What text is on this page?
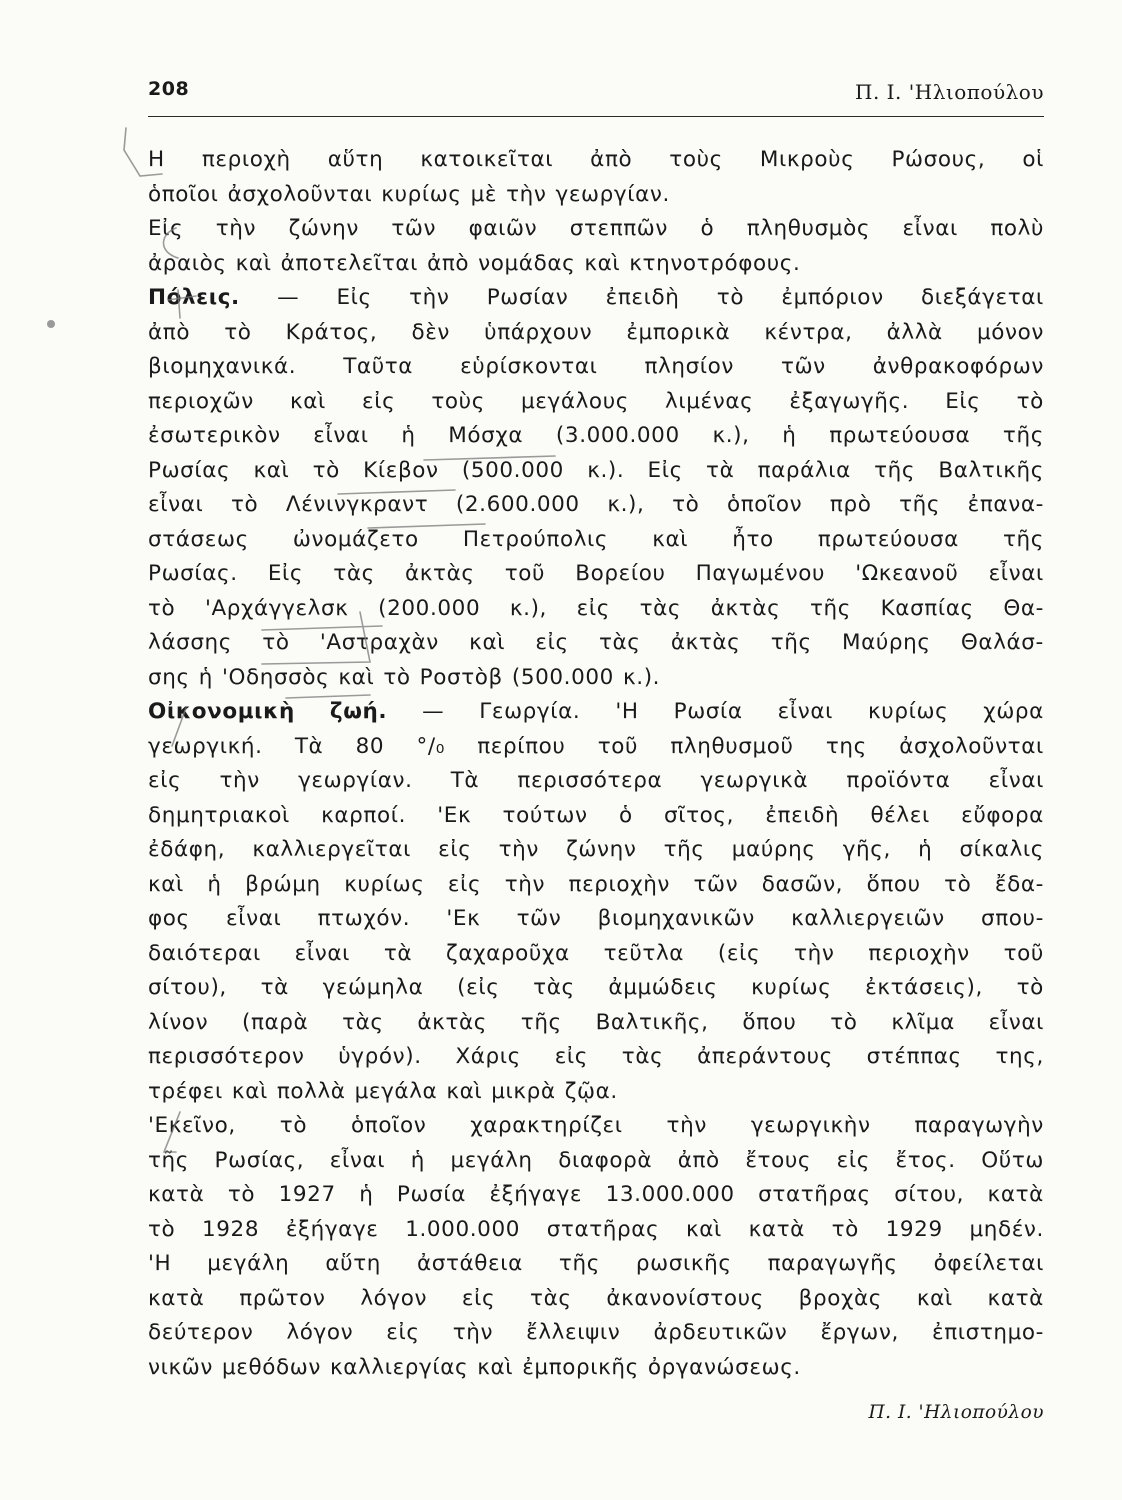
208	Π. Ι. 'Ηλιοπούλου
Η περιοχὴ αὕτη κατοικεῖται ἀπὸ τοὺς Μικροὺς Ρώσους, οἱ
ὁποῖοι ἀσχολοῦνται κυρίως μὲ τὴν γεωργίαν.
Εἰς τὴν ζώνην τῶν φαιῶν στεππῶν ὁ πληθυσμὸς εἶναι πολὺ
ἀραιὸς καὶ ἀποτελεῖται ἀπὸ νομάδας καὶ κτηνοτρόφους.
Πόλεις. — Εἰς τὴν Ρωσίαν ἐπειδὴ τὸ ἐμπόριον διεξάγεται
ἀπὸ τὸ Κράτος, δὲν ὑπάρχουν ἐμπορικὰ κέντρα, ἀλλὰ μόνον
βιομηχανικά. Ταῦτα εὑρίσκονται πλησίον τῶν ἀνθρακοφόρων
περιοχῶν καὶ εἰς τοὺς μεγάλους λιμένας ἐξαγωγῆς. Εἰς τὸ
ἐσωτερικὸν εἶναι ἡ Μόσχα (3.000.000 κ.), ἡ πρωτεύουσα τῆς
Ρωσίας καὶ τὸ Κίεβον (500.000 κ.). Εἰς τὰ παράλια τῆς Βαλτικῆς
εἶναι τὸ Λένινγκραντ (2.600.000 κ.), τὸ ὁποῖον πρὸ τῆς ἐπανα-
στάσεως ὠνομάζετο Πετρούπολις καὶ ἦτο πρωτεύουσα τῆς
Ρωσίας. Εἰς τὰς ἀκτὰς τοῦ Βορείου Παγωμένου 'Ωκεανοῦ εἶναι
τὸ 'Αρχάγγελσκ (200.000 κ.), εἰς τὰς ἀκτὰς τῆς Κασπίας Θα-
λάσσης τὸ 'Αστραχὰν καὶ εἰς τὰς ἀκτὰς τῆς Μαύρης Θαλάσ-
σης ἡ 'Οδησσὸς καὶ τὸ Ροστὸβ (500.000 κ.).
Οἰκονομικὴ ζωή. — Γεωργία. 'Η Ρωσία εἶναι κυρίως χώρα
γεωργική. Τὰ 80 °/₀ περίπου τοῦ πληθυσμοῦ της ἀσχολοῦνται
εἰς τὴν γεωργίαν. Τὰ περισσότερα γεωργικὰ προϊόντα εἶναι
δημητριακοὶ καρποί. 'Εκ τούτων ὁ σῖτος, ἐπειδὴ θέλει εὔφορα
ἐδάφη, καλλιεργεῖται εἰς τὴν ζώνην τῆς μαύρης γῆς, ἡ σίκαλις
καὶ ἡ βρώμη κυρίως εἰς τὴν περιοχὴν τῶν δασῶν, ὅπου τὸ ἔδα-
φος εἶναι πτωχόν. 'Εκ τῶν βιομηχανικῶν καλλιεργειῶν σπου-
δαιότεραι εἶναι τὰ ζαχαροῦχα τεῦτλα (εἰς τὴν περιοχὴν τοῦ
σίτου), τὰ γεώμηλα (εἰς τὰς ἀμμώδεις κυρίως ἐκτάσεις), τὸ
λίνον (παρὰ τὰς ἀκτὰς τῆς Βαλτικῆς, ὅπου τὸ κλῖμα εἶναι
περισσότερον ὑγρόν). Χάρις εἰς τὰς ἀπεράντους στέππας της,
τρέφει καὶ πολλὰ μεγάλα καὶ μικρὰ ζῷα.
'Εκεῖνο, τὸ ὁποῖον χαρακτηρίζει τὴν γεωργικὴν παραγωγὴν
τῆς Ρωσίας, εἶναι ἡ μεγάλη διαφορὰ ἀπὸ ἔτους εἰς ἔτος. Οὕτω
κατὰ τὸ 1927 ἡ Ρωσία ἐξήγαγε 13.000.000 στατῆρας σίτου, κατὰ
τὸ 1928 ἐξήγαγε 1.000.000 στατῆρας καὶ κατὰ τὸ 1929 μηδέν.
'Η μεγάλη αὕτη ἀστάθεια τῆς ρωσικῆς παραγωγῆς ὀφείλεται
κατὰ πρῶτον λόγον εἰς τὰς ἀκανονίστους βροχὰς καὶ κατὰ
δεύτερον λόγον εἰς τὴν ἔλλειψιν ἀρδευτικῶν ἔργων, ἐπιστημο-
νικῶν μεθόδων καλλιεργίας καὶ ἐμπορικῆς ὀργανώσεως.
Π. Ι. 'Ηλιοπούλου
